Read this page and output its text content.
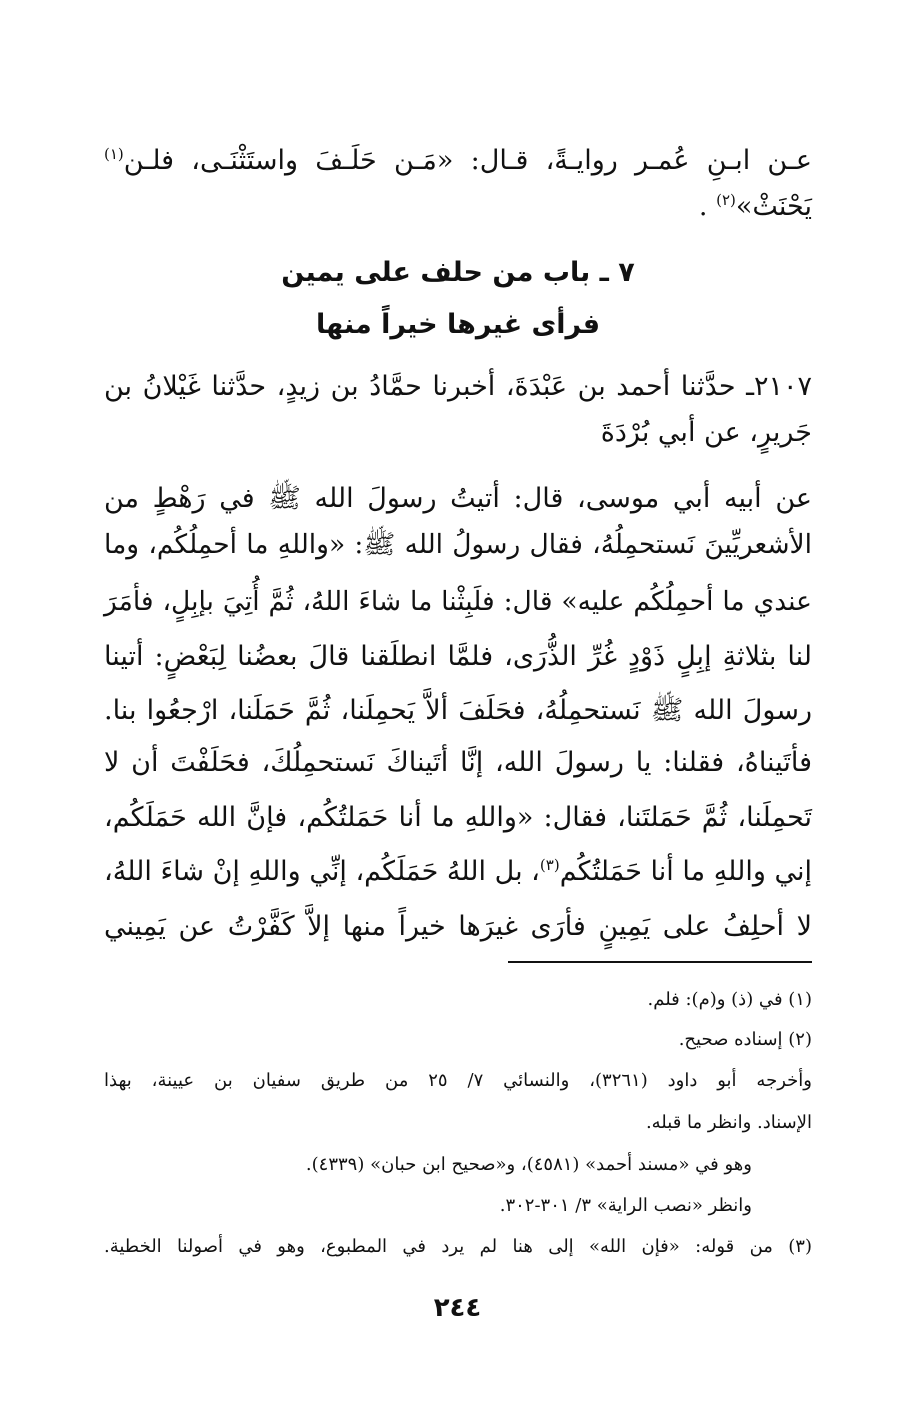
عـن ابـنِ عُمـر روايـةً، قـال: «مَـن حَلَـفَ واستَثْنَـى، فلـن$^{(١)}$
يَحْنَثْ»$^{(٢)}$ .
٧ ـ باب من حلف على يمين
فرأى غيرها خيراً منها
٢١٠٧ـ حدَّثنا أحمد بن عَبْدَةَ، أخبرنا حمَّادُ بن زيدٍ، حدَّثنا غَيْلانُ بن
جَريرٍ، عن أبي بُرْدَةَ
عن أبيه أبي موسى، قال: أتيتُ رسولَ الله ﷺ في رَهْطٍ من
الأشعريِّينَ نَستحمِلُهُ، فقال رسولُ الله ﷺ: «واللهِ ما أحمِلُكُم، وما
عندي ما أحمِلُكُم عليه» قال: فلَبِثْنا ما شاءَ اللهُ، ثُمَّ أُتِيَ بإبِلٍ، فأمَرَ
لنا بثلاثةِ إبِلٍ ذَوْدٍ غُرِّ الذُّرَى، فلمَّا انطلَقنا قالَ بعضُنا لِبَعْضٍ: أتينا
رسولَ الله ﷺ نَستحمِلُهُ، فحَلَفَ ألاَّ يَحمِلَنا، ثُمَّ حَمَلَنا، ارْجعُوا بنا.
فأتَيناهُ، فقلنا: يا رسولَ الله، إنَّا أتَيناكَ نَستحمِلُكَ، فحَلَفْتَ أن لا
تَحمِلَنا، ثُمَّ حَمَلتَنا، فقال: «واللهِ ما أنا حَمَلتُكُم، فإنَّ الله حَمَلَكُم،
إني واللهِ ما أنا حَمَلتُكُم$^{(٣)}$، بل اللهُ حَمَلَكُم، إنِّي واللهِ إنْ شاءَ اللهُ،
لا أحلِفُ على يَمِينٍ فأرَى غيرَها خيراً منها إلاَّ كَفَّرْتُ عن يَمِيني
(١) في (ذ) و(م): فلم.
(٢) إسناده صحيح.
وأخرجه أبو داود (٣٢٦١)، والنسائي ٧/ ٢٥ من طريق سفيان بن عيينة، بهذا
الإسناد. وانظر ما قبله.
وهو في «مسند أحمد» (٤٥٨١)، و«صحيح ابن حبان» (٤٣٣٩).
وانظر «نصب الراية» ٣/ ٣٠١-٣٠٢.
(٣) من قوله: «فإن الله» إلى هنا لم يرد في المطبوع، وهو في أصولنا الخطية.
٢٤٤
